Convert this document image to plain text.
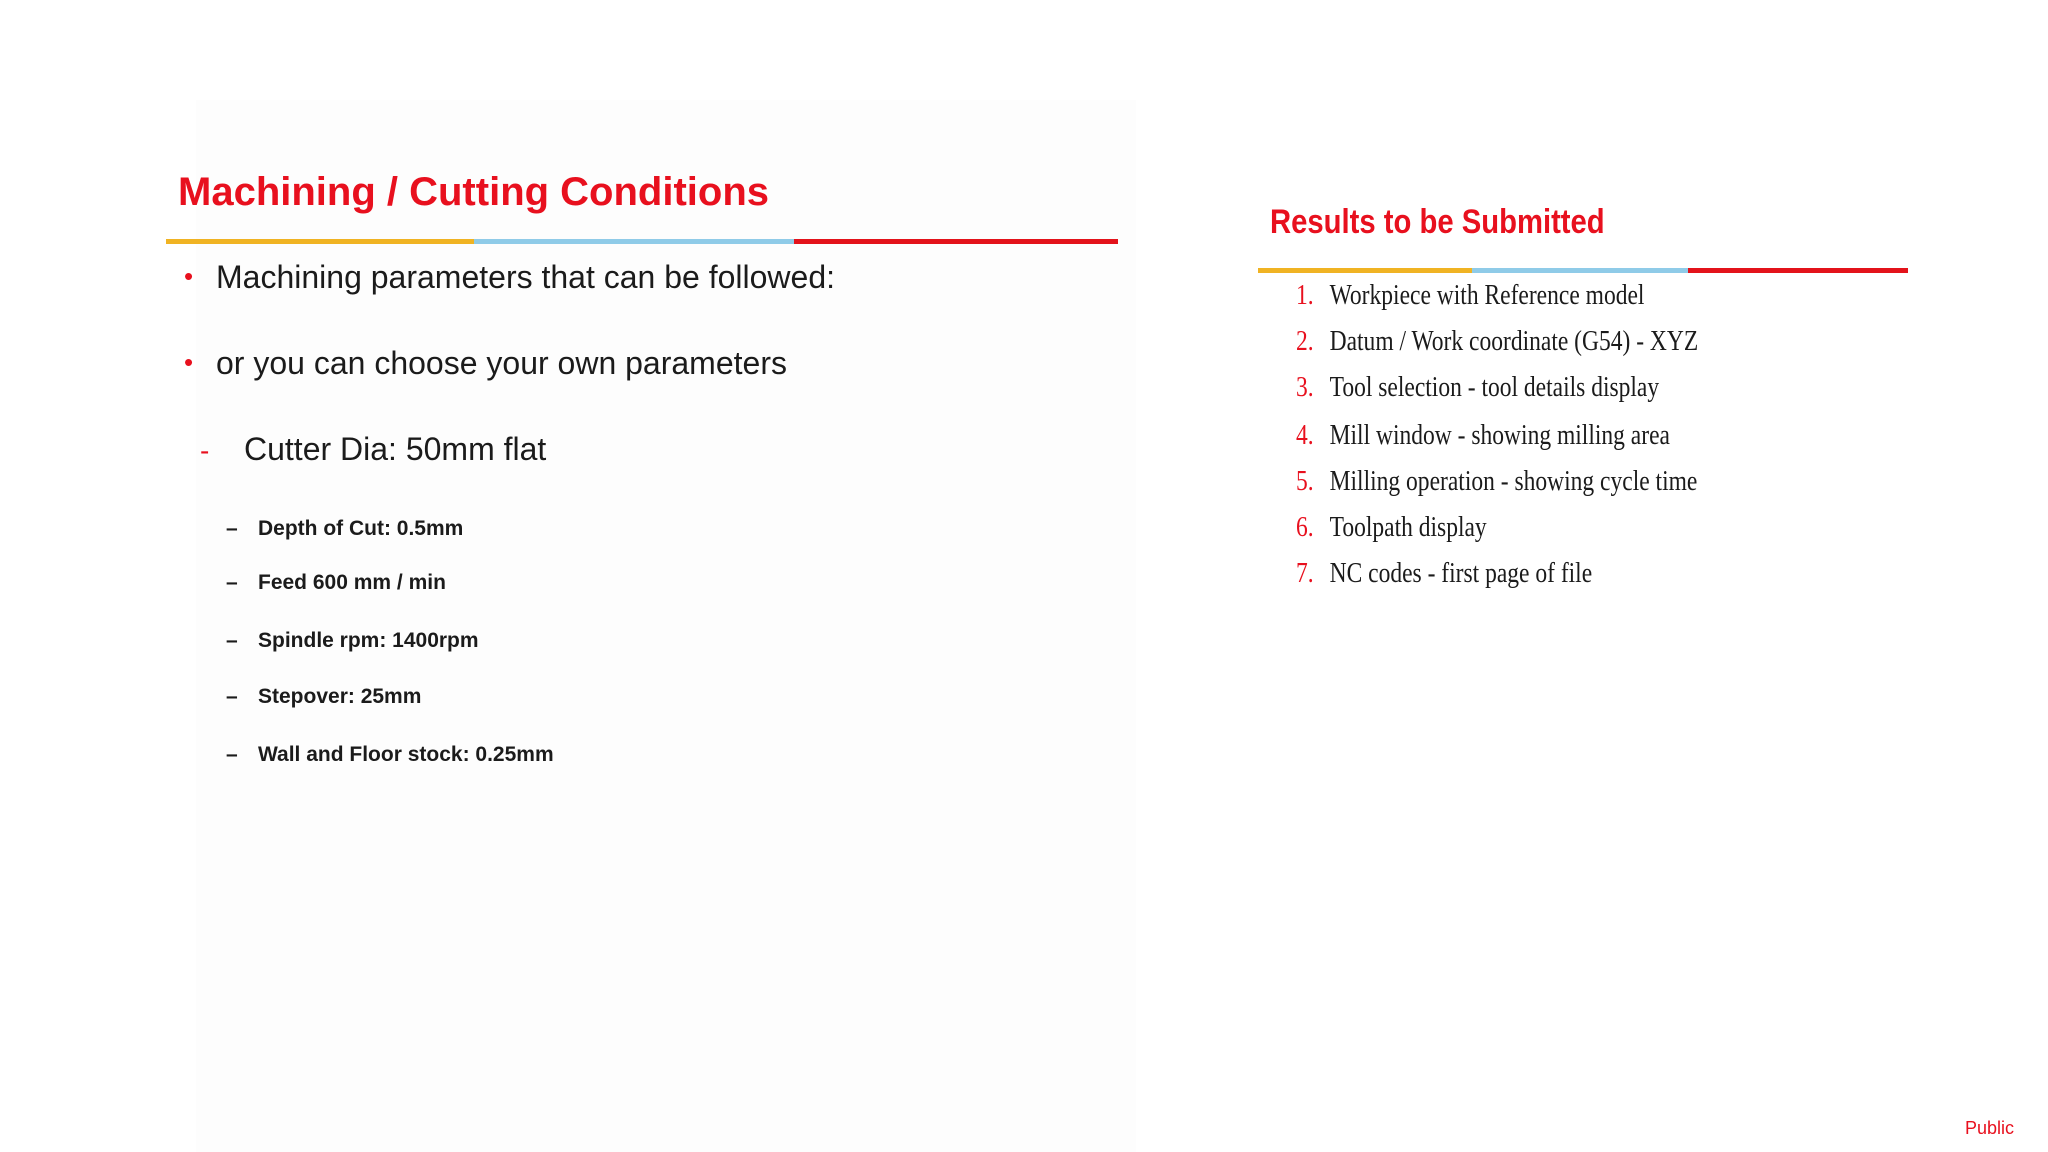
Machining / Cutting Conditions
• Machining parameters that can be followed:
• or you can choose your own parameters
- Cutter Dia: 50mm flat
– Depth of Cut: 0.5mm
– Feed 600 mm / min
– Spindle rpm: 1400rpm
– Stepover: 25mm
– Wall and Floor stock: 0.25mm
Results to be Submitted
1. Workpiece with Reference model
2. Datum / Work coordinate (G54) - XYZ
3. Tool selection - tool details display
4. Mill window - showing milling area
5. Milling operation - showing cycle time
6. Toolpath display
7. NC codes - first page of file
Public
